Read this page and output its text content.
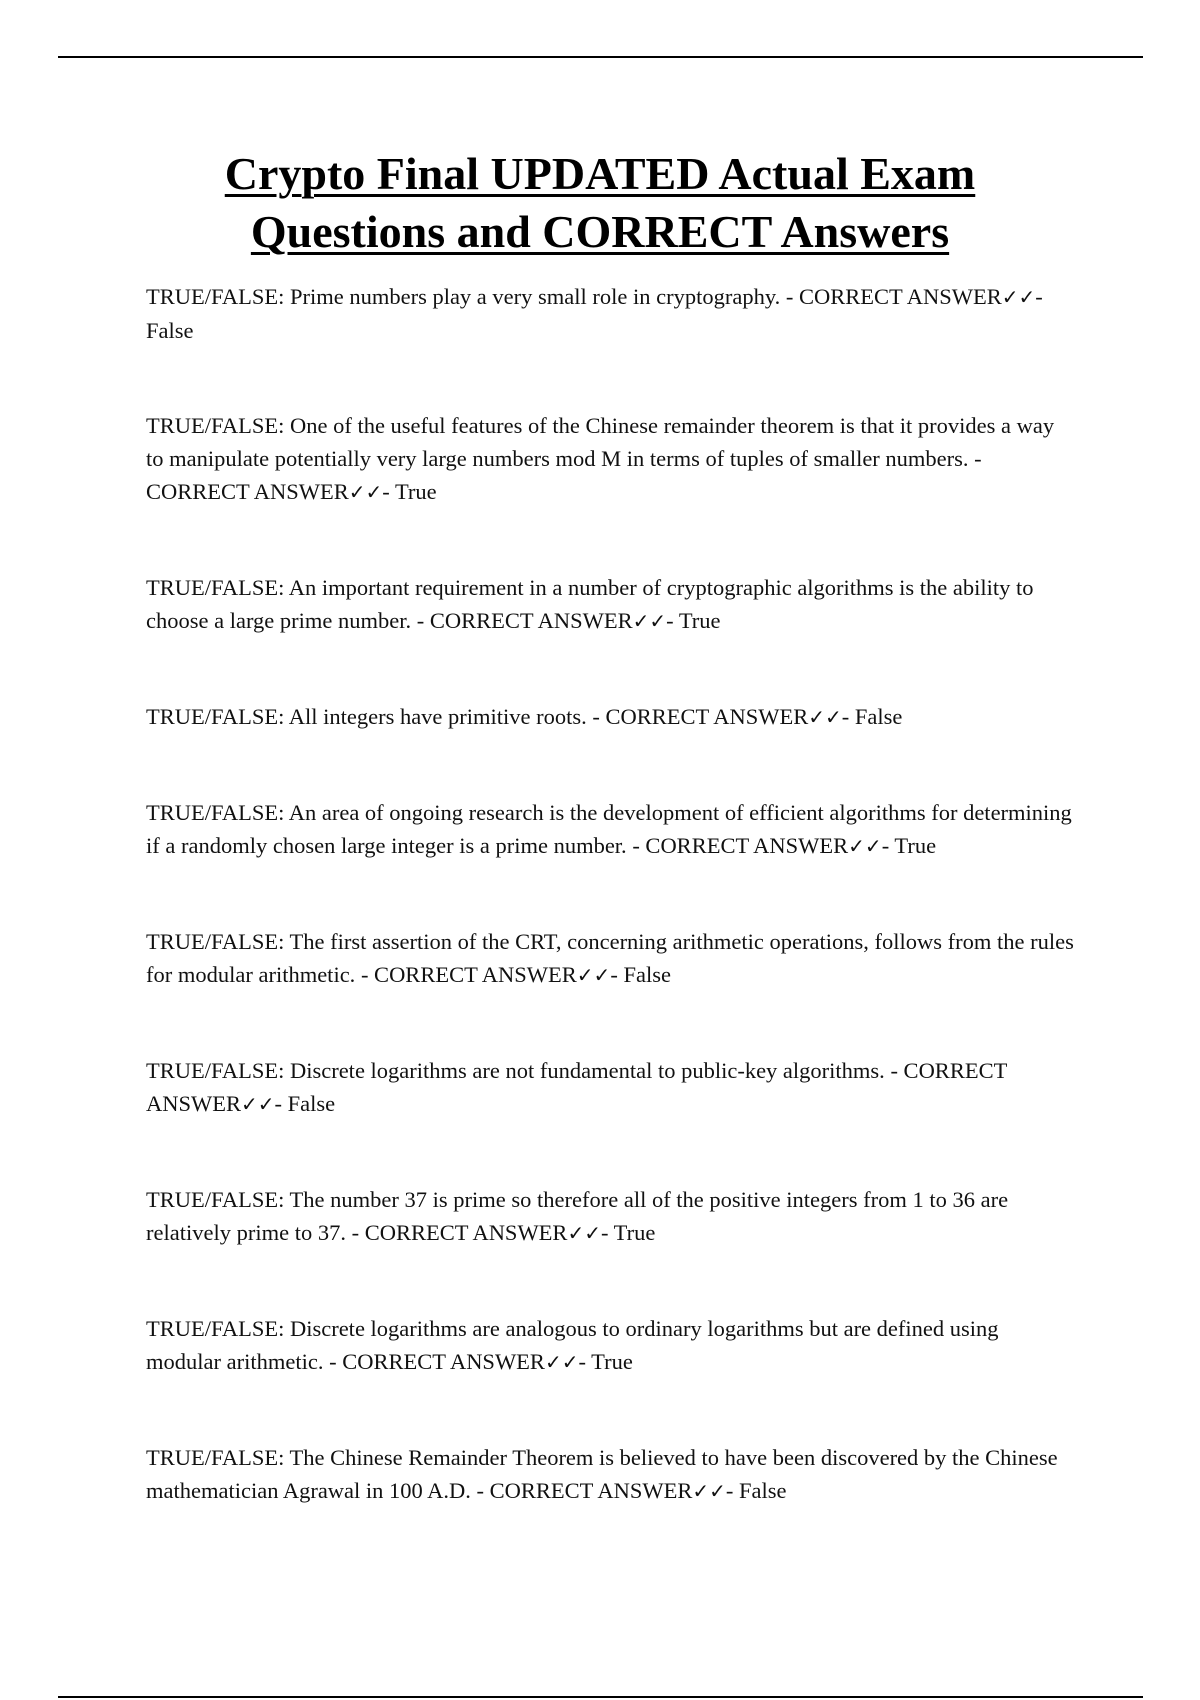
Crypto Final UPDATED Actual Exam
Questions and CORRECT Answers
TRUE/FALSE: Prime numbers play a very small role in cryptography. - CORRECT ANSWER✓✓- False
TRUE/FALSE: One of the useful features of the Chinese remainder theorem is that it provides a way to manipulate potentially very large numbers mod M in terms of tuples of smaller numbers. - CORRECT ANSWER✓✓- True
TRUE/FALSE: An important requirement in a number of cryptographic algorithms is the ability to choose a large prime number. - CORRECT ANSWER✓✓- True
TRUE/FALSE: All integers have primitive roots. - CORRECT ANSWER✓✓- False
TRUE/FALSE: An area of ongoing research is the development of efficient algorithms for determining if a randomly chosen large integer is a prime number. - CORRECT ANSWER✓✓- True
TRUE/FALSE: The first assertion of the CRT, concerning arithmetic operations, follows from the rules for modular arithmetic. - CORRECT ANSWER✓✓- False
TRUE/FALSE: Discrete logarithms are not fundamental to public-key algorithms. - CORRECT ANSWER✓✓- False
TRUE/FALSE: The number 37 is prime so therefore all of the positive integers from 1 to 36 are relatively prime to 37. - CORRECT ANSWER✓✓- True
TRUE/FALSE: Discrete logarithms are analogous to ordinary logarithms but are defined using modular arithmetic. - CORRECT ANSWER✓✓- True
TRUE/FALSE: The Chinese Remainder Theorem is believed to have been discovered by the Chinese mathematician Agrawal in 100 A.D. - CORRECT ANSWER✓✓- False
